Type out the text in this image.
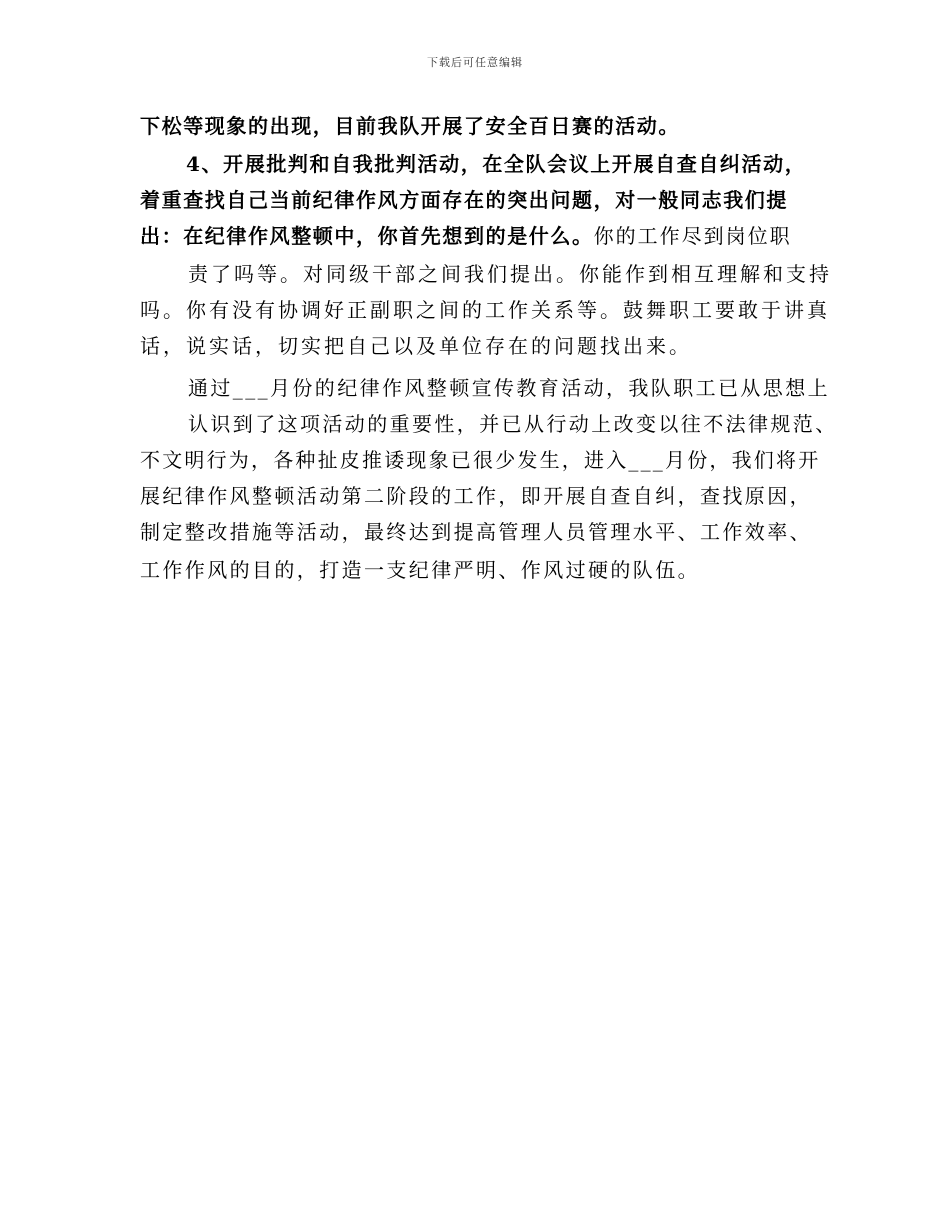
下载后可任意编辑
下松等现象的出现，目前我队开展了安全百日赛的活动。
4、开展批判和自我批判活动，在全队会议上开展自查自纠活动，
着重查找自己当前纪律作风方面存在的突出问题，对一般同志我们提
出：在纪律作风整顿中，你首先想到的是什么。你的工作尽到岗位职
责了吗等。对同级干部之间我们提出。你能作到相互理解和支持
吗。你有没有协调好正副职之间的工作关系等。鼓舞职工要敢于讲真
话，说实话，切实把自己以及单位存在的问题找出来。
通过___月份的纪律作风整顿宣传教育活动，我队职工已从思想上
认识到了这项活动的重要性，并已从行动上改变以往不法律规范、
不文明行为，各种扯皮推诿现象已很少发生，进入___月份，我们将开
展纪律作风整顿活动第二阶段的工作，即开展自查自纠，查找原因，
制定整改措施等活动，最终达到提高管理人员管理水平、工作效率、
工作作风的目的，打造一支纪律严明、作风过硬的队伍。
